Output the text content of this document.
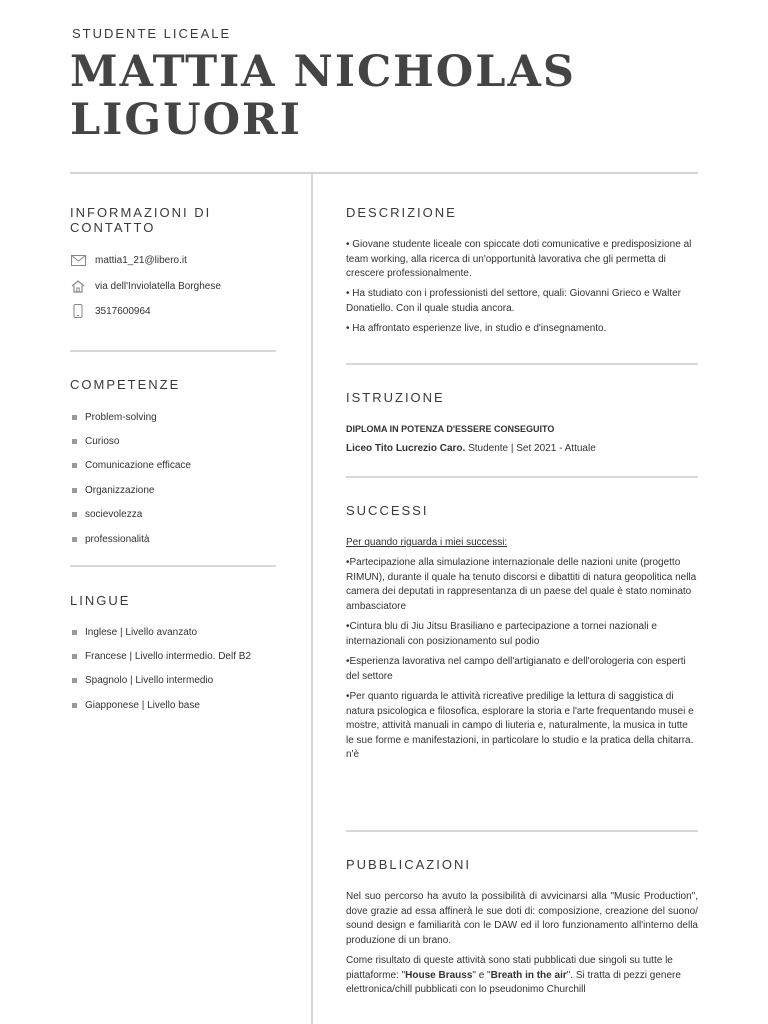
STUDENTE LICEALE
MATTIA NICHOLAS
LIGUORI
INFORMAZIONI DI CONTATTO
mattia1_21@libero.it
via dell'Inviolatella Borghese
3517600964
COMPETENZE
Problem-solving
Curioso
Comunicazione efficace
Organizzazione
socievolezza
professionalità
LINGUE
Inglese | Livello avanzato
Francese | Livello intermedio. Delf B2
Spagnolo | Livello intermedio
Giapponese | Livello base
DESCRIZIONE

• Giovane studente liceale con spiccate doti comunicative e predisposizione al team working, alla ricerca di un'opportunità lavorativa che gli permetta di crescere professionalmente.

• Ha studiato con i professionisti del settore, quali: Giovanni Grieco e Walter Donatiello. Con il quale studia ancora.

• Ha affrontato esperienze live, in studio e d'insegnamento.

ISTRUZIONE

DIPLOMA IN POTENZA D'ESSERE CONSEGUITO

Liceo Tito Lucrezio Caro. Studente | Set 2021 - Attuale

SUCCESSI

Per quando riguarda i miei successi:

•Partecipazione alla simulazione internazionale delle nazioni unite (progetto RIMUN), durante il quale ha tenuto discorsi e dibattiti di natura geopolitica nella camera dei deputati in rappresentanza di un paese del quale è stato nominato ambasciatore

•Cintura blu di Jiu Jitsu Brasiliano e partecipazione a tornei nazionali e internazionali con posizionamento sul podio

•Esperienza lavorativa nel campo dell'artigianato e dell'orologeria con esperti del settore

•Per quanto riguarda le attività ricreative predilige la lettura di saggistica di natura psicologica e filosofica, esplorare la storia e l'arte frequentando musei e mostre, attività manuali in campo di liuteria e, naturalmente, la musica in tutte le sue forme e manifestazioni, in particolare lo studio e la pratica della chitarra. n'è

PUBBLICAZIONI

Nel suo percorso ha avuto la possibilità di avvicinarsi alla "Music Production", dove grazie ad essa affinerà le sue doti di: composizione, creazione del suono/ sound design e familiarità con le DAW ed il loro funzionamento all'interno della produzione di un brano.

Come risultato di queste attività sono stati pubblicati due singoli su tutte le piattaforme: "House Brauss" e "Breath in the air". Si tratta di pezzi genere elettronica/chill pubblicati con lo pseudonimo Churchill
